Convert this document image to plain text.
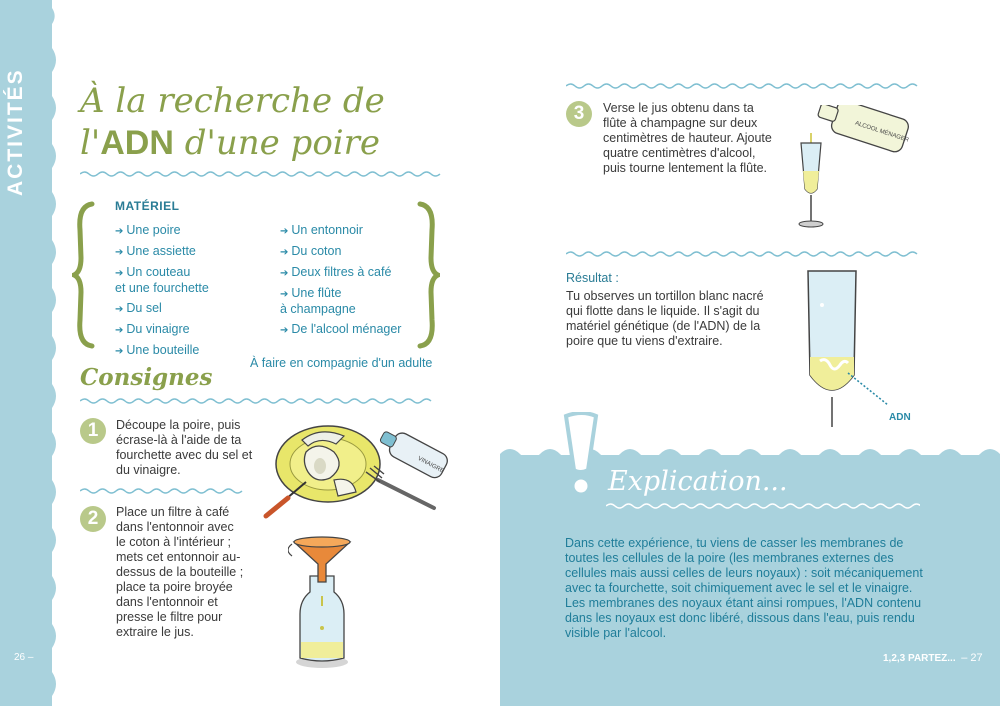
ACTIVITÉS À la recherche de
l'ADN d'une poire
MATÉRIEL
➔ Une poire
➔ Une assiette
➔ Un couteau
et une fourchette
➔ Du sel
➔ Du vinaigre
➔ Une bouteille
➔ Un entonnoir
➔ Du coton
➔ Deux filtres à café
➔ Une flûte
à champagne
➔ De l'alcool ménager
À faire en compagnie d'un adulte
Consignes
1	Découpe la poire, puis écrase-là à l'aide de ta fourchette avec du sel et du vinaigre.
2	Place un filtre à café dans l'entonnoir avec le coton à l'intérieur ; mets cet entonnoir au-dessus de la bouteille ; place ta poire broyée dans l'entonnoir et presse le filtre pour extraire le jus.
3	Verse le jus obtenu dans ta flûte à champagne sur deux centimètres de hauteur. Ajoute quatre centimètres d'alcool, puis tourne lentement la flûte.
VINAIGRE
ALCOOL MÉNAGER
Résultat :
Tu observes un tortillon blanc nacré qui flotte dans le liquide. Il s'agit du matériel génétique (de l'ADN) de la poire que tu viens d'extraire.
ADN
Explication...
Dans cette expérience, tu viens de casser les membranes de toutes les cellules de la poire (les membranes externes des cellules mais aussi celles de leurs noyaux) : soit mécaniquement avec ta fourchette, soit chimiquement avec le sel et le vinaigre. Les membranes des noyaux étant ainsi rompues, l'ADN contenu dans les noyaux est donc libéré, dissous dans l'eau, puis rendu visible par l'alcool.
26 –	1,2,3 PARTEZ... – 27
